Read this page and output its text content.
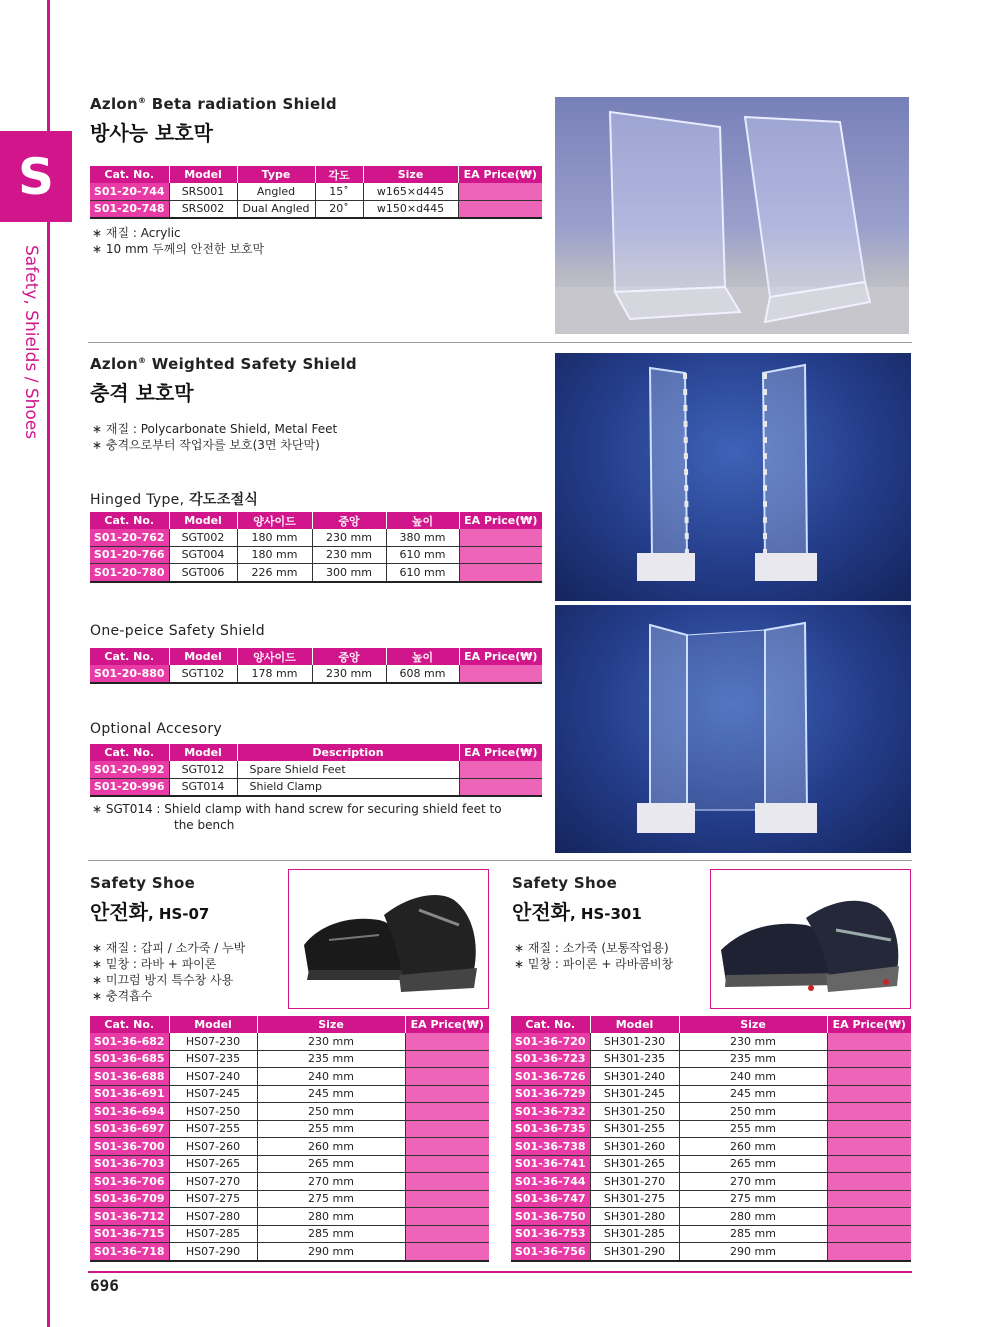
S
Safety, Shields / Shoes
Azlon® Beta radiation Shield
방사능 보호막
Cat. No.	Model	Type	각도	Size	EA Price(₩)
S01-20-744	SRS001	Angled	15˚	w165×d445	
S01-20-748	SRS002	Dual Angled	20˚	w150×d445	
∗ 재질 : Acrylic
∗ 10 mm 두께의 안전한 보호막
Azlon® Weighted Safety Shield
충격 보호막
∗ 재질 : Polycarbonate Shield, Metal Feet
∗ 충격으로부터 작업자를 보호(3면 차단막)
Hinged Type, 각도조절식
Cat. No.	Model	양사이드	중앙	높이	EA Price(₩)
S01-20-762	SGT002	180 mm	230 mm	380 mm	
S01-20-766	SGT004	180 mm	230 mm	610 mm	
S01-20-780	SGT006	226 mm	300 mm	610 mm	
One-peice Safety Shield
Cat. No.	Model	양사이드	중앙	높이	EA Price(₩)
S01-20-880	SGT102	178 mm	230 mm	608 mm	
Optional Accesory
Cat. No.	Model	Description	EA Price(₩)
S01-20-992	SGT012	Spare Shield Feet	
S01-20-996	SGT014	Shield Clamp	
∗ SGT014 : Shield clamp with hand screw for securing shield feet to
the bench
Safety Shoe
안전화, HS-07
∗ 재질 : 갑피 / 소가죽 / 누박
∗ 밑창 : 라바 + 파이론
∗ 미끄럼 방지 특수창 사용
∗ 충격흡수
Cat. No.	Model	Size	EA Price(₩)
S01-36-682	HS07-230	230 mm	
S01-36-685	HS07-235	235 mm	
S01-36-688	HS07-240	240 mm	
S01-36-691	HS07-245	245 mm	
S01-36-694	HS07-250	250 mm	
S01-36-697	HS07-255	255 mm	
S01-36-700	HS07-260	260 mm	
S01-36-703	HS07-265	265 mm	
S01-36-706	HS07-270	270 mm	
S01-36-709	HS07-275	275 mm	
S01-36-712	HS07-280	280 mm	
S01-36-715	HS07-285	285 mm	
S01-36-718	HS07-290	290 mm	
Safety Shoe
안전화, HS-301
∗ 재질 : 소가죽 (보통작업용)
∗ 밑창 : 파이론 + 라바콤비창
Cat. No.	Model	Size	EA Price(₩)
S01-36-720	SH301-230	230 mm	
S01-36-723	SH301-235	235 mm	
S01-36-726	SH301-240	240 mm	
S01-36-729	SH301-245	245 mm	
S01-36-732	SH301-250	250 mm	
S01-36-735	SH301-255	255 mm	
S01-36-738	SH301-260	260 mm	
S01-36-741	SH301-265	265 mm	
S01-36-744	SH301-270	270 mm	
S01-36-747	SH301-275	275 mm	
S01-36-750	SH301-280	280 mm	
S01-36-753	SH301-285	285 mm	
S01-36-756	SH301-290	290 mm	
696
